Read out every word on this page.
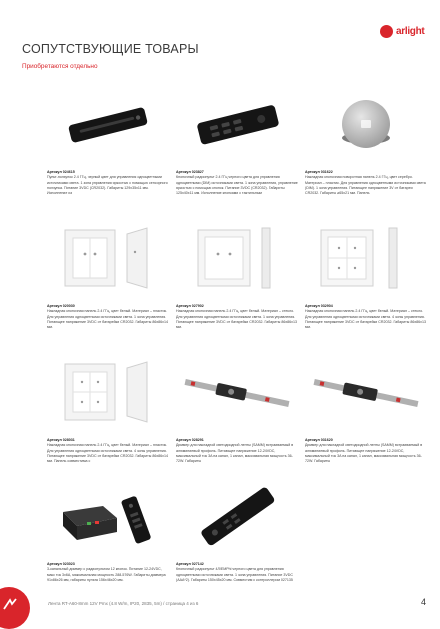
arlight
СОПУТСТВУЮЩИЕ ТОВАРЫ
Приобретаются отдельно
Артикул 024615
Пульт-ползунок 2.4 ГГц, черный цвет для управления одноцветными источниками света. 1 зона управления яркостью с помощью сенсорного ползунка. Питание 3VDC (CR2032). Габариты 129х35х11 мм. Исполнение из
Артикул 023827
Кнопочный радиопульт 2.4 ГГц черного цвета для управления одноцветными (DIM) источниками света. 1 зона управления, управление яркостью с помощью кнопок. Питание 3VDC (CR2032). Габариты 125х40х11 мм. Исполнение кнопками с тактильным
Артикул 031622
Накладная кнопочная поворотная панель 2.4 ГГц, цвет серебро. Материал – пластик. Для управления одноцветными источниками света (DIM). 1 зона управления. Питающее напряжение 3V от батареи CR2032. Габариты ⌀65х21 мм. Панель
Артикул 020030
Накладная кнопочная панель 2.4 ГГц, цвет белый. Материал – пластик. Для управления одноцветными источниками света. 1 зона управления. Питающее напряжение 3VDC от батарейки CR2032. Габариты 86х86х14 мм.
Артикул 027902
Накладная кнопочная панель 2.4 ГГц, цвет белый. Материал – стекло. Для управления одноцветными источниками света. 1 зона управления. Питающее напряжение 3VDC от батарейки CR2032. Габариты 86х86х13 мм.
Артикул 032904
Накладная кнопочная панель 2.4 ГГц, цвет белый. Материал – стекло. Для управления одноцветными источниками света. 4 зоны управления. Питающее напряжение 3VDC от батарейки CR2032. Габариты 86х86х13 мм.
Артикул 028031
Накладная кнопочная панель 2.4 ГГц, цвет белый. Материал – пластик. Для управления одноцветными источниками света. 4 зоны управления. Питающее напряжение 3VDC от батарейки CR2032. Габариты 86х86х14 мм. Панель совместима с
Артикул 028291
Диммер для накладной светодиодной ленты (SAMM) встраиваемый в алюминиевый профиль. Питающее напряжение 12-24VDC, максимальный ток 3A на канал, 1 канал, максимальная мощность 36-72W. Габариты
Артикул 031620
Диммер для накладной светодиодной ленты (SAMM) встраиваемый в алюминиевый профиль. Питающее напряжение 12-24VDC, максимальный ток 3A на канал, 1 канал, максимальная мощность 36-72W. Габариты
Артикул 023023
3-канальный диммер с радиопультом 12 кнопок. Питание 12-24VDC, макс ток 3x6A, максимальная мощность 288-576W. Габариты диммера 91х86х26 мм, габариты пульта 156х46х20 мм.
Артикул 027142
Кнопочный радиопульт 4Л/EMPhi черного цвета для управления одноцветными источниками света. 1 зона управления. Питание 3VDC (AAA*2). Габариты 150х45х20 мм. Совместим с контроллером 027135
Лента RT-A60-8mm 12V Pmx (4.8 W/m, IP20, 2835, 5m) / страница 4 из 6	4
